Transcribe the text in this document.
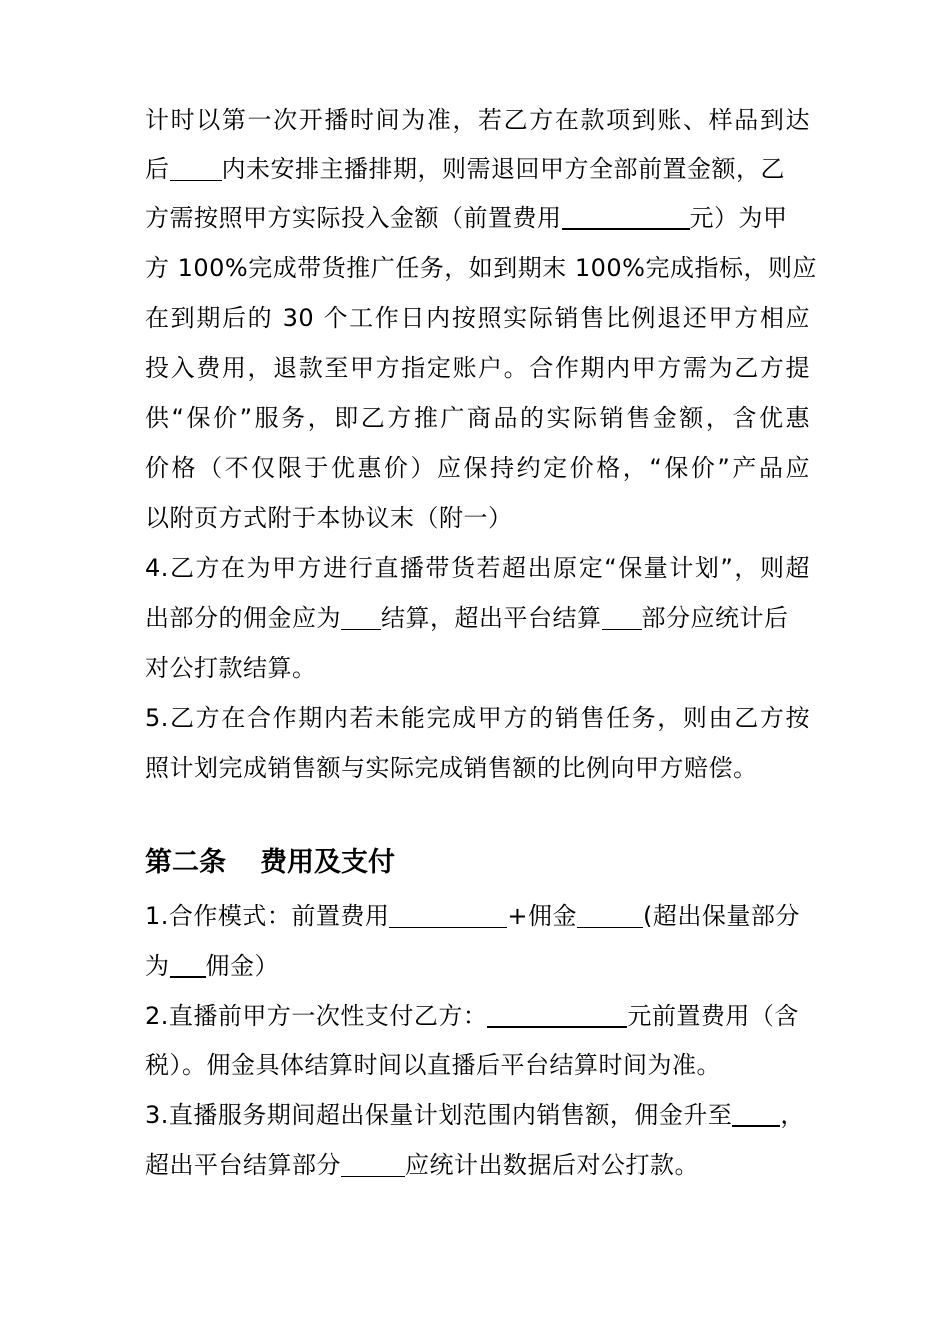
计时以第一次开播时间为准，若乙方在款项到账、样品到达
后 内未安排主播排期，则需退回甲方全部前置金额，乙
方需按照甲方实际投入金额（前置费用	元）为甲
方 100%完成带货推广任务，如到期末 100%完成指标，则应
在到期后的 30 个工作日内按照实际销售比例退还甲方相应
投入费用，退款至甲方指定账户。合作期内甲方需为乙方提
供“保价”服务，即乙方推广商品的实际销售金额，含优惠
价格（不仅限于优惠价）应保持约定价格，“保价”产品应
以附页方式附于本协议末（附一）
4.乙方在为甲方进行直播带货若超出原定“保量计划”，则超
出部分的佣金应为 结算，超出平台结算 部分应统计后
对公打款结算。
5.乙方在合作期内若未能完成甲方的销售任务，则由乙方按
照计划完成销售额与实际完成销售额的比例向甲方赔偿。
第二条 费用及支付
1.合作模式：前置费用	+佣金	(超出保量部分
为 佣金）
2.直播前甲方一次性支付乙方：	元前置费用（含
税）。佣金具体结算时间以直播后平台结算时间为准。
3.直播服务期间超出保量计划范围内销售额，佣金升至 ，
超出平台结算部分	应统计出数据后对公打款。
